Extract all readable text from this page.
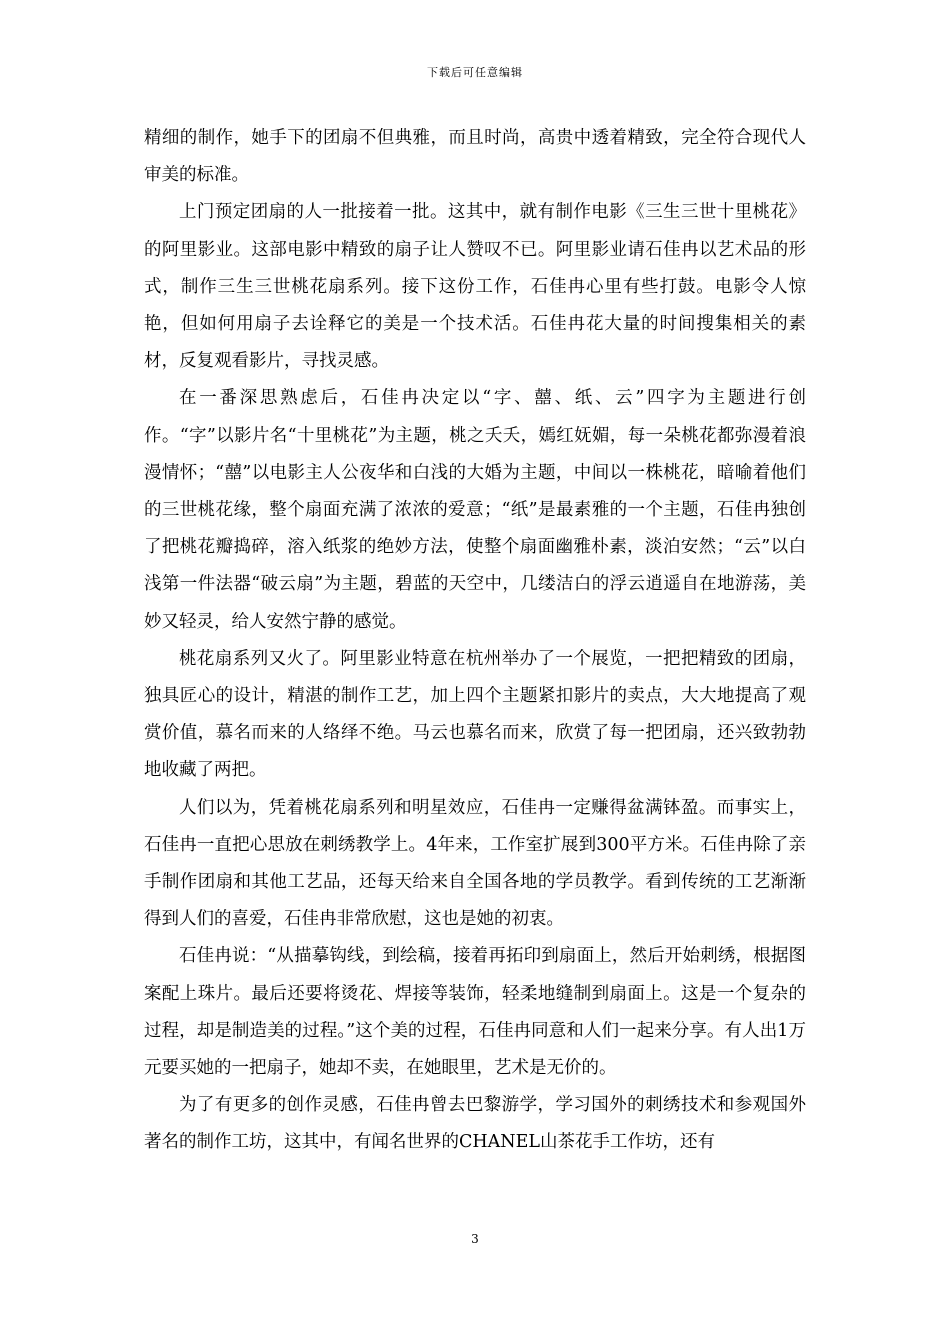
下载后可任意编辑

精细的制作，她手下的团扇不但典雅，而且时尚，高贵中透着精致，完全符合现代人审美的标准。

上门预定团扇的人一批接着一批。这其中，就有制作电影《三生三世十里桃花》的阿里影业。这部电影中精致的扇子让人赞叹不已。阿里影业请石佳冉以艺术品的形式，制作三生三世桃花扇系列。接下这份工作，石佳冉心里有些打鼓。电影令人惊艳，但如何用扇子去诠释它的美是一个技术活。石佳冉花大量的时间搜集相关的素材，反复观看影片，寻找灵感。

在一番深思熟虑后，石佳冉决定以“字、囍、纸、云”四字为主题进行创作。“字”以影片名“十里桃花”为主题，桃之夭夭，嫣红妩媚，每一朵桃花都弥漫着浪漫情怀；“囍”以电影主人公夜华和白浅的大婚为主题，中间以一株桃花，暗喻着他们的三世桃花缘，整个扇面充满了浓浓的爱意；“纸”是最素雅的一个主题，石佳冉独创了把桃花瓣捣碎，溶入纸浆的绝妙方法，使整个扇面幽雅朴素，淡泊安然；“云”以白浅第一件法器“破云扇”为主题，碧蓝的天空中，几缕洁白的浮云逍遥自在地游荡，美妙又轻灵，给人安然宁静的感觉。

桃花扇系列又火了。阿里影业特意在杭州举办了一个展览，一把把精致的团扇，独具匠心的设计，精湛的制作工艺，加上四个主题紧扣影片的卖点，大大地提高了观赏价值，慕名而来的人络绎不绝。马云也慕名而来，欣赏了每一把团扇，还兴致勃勃地收藏了两把。

人们以为，凭着桃花扇系列和明星效应，石佳冉一定赚得盆满钵盈。而事实上，石佳冉一直把心思放在刺绣教学上。4年来，工作室扩展到300平方米。石佳冉除了亲手制作团扇和其他工艺品，还每天给来自全国各地的学员教学。看到传统的工艺渐渐得到人们的喜爱，石佳冉非常欣慰，这也是她的初衷。

石佳冉说：“从描摹钩线，到绘稿，接着再拓印到扇面上，然后开始刺绣，根据图案配上珠片。最后还要将烫花、焊接等装饰，轻柔地缝制到扇面上。这是一个复杂的过程，却是制造美的过程。”这个美的过程，石佳冉同意和人们一起来分享。有人出1万元要买她的一把扇子，她却不卖，在她眼里，艺术是无价的。

为了有更多的创作灵感，石佳冉曾去巴黎游学，学习国外的刺绣技术和参观国外著名的制作工坊，这其中，有闻名世界的CHANEL山茶花手工作坊，还有

3
